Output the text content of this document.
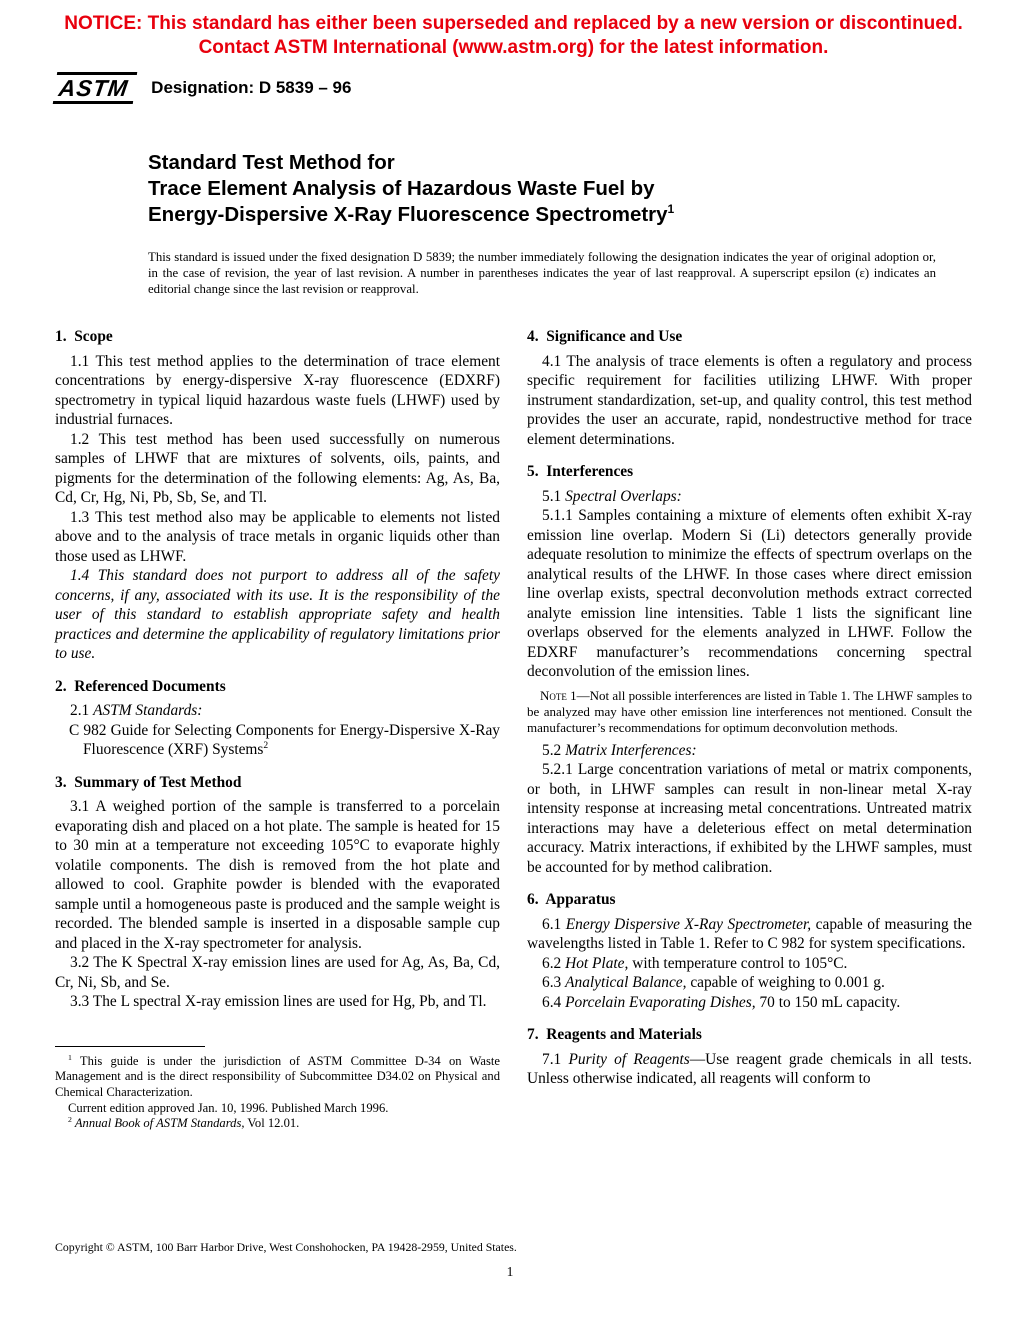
NOTICE: This standard has either been superseded and replaced by a new version or discontinued.
Contact ASTM International (www.astm.org) for the latest information.
ASTM	Designation: D 5839 – 96
Standard Test Method for
Trace Element Analysis of Hazardous Waste Fuel by
Energy-Dispersive X-Ray Fluorescence Spectrometry$^1$
This standard is issued under the fixed designation D 5839; the number immediately following the designation indicates the year of original adoption or, in the case of revision, the year of last revision. A number in parentheses indicates the year of last reapproval. A superscript epsilon (ε) indicates an editorial change since the last revision or reapproval.
1.  Scope

1.1 This test method applies to the determination of trace element concentrations by energy-dispersive X-ray fluorescence (EDXRF) spectrometry in typical liquid hazardous waste fuels (LHWF) used by industrial furnaces.

1.2 This test method has been used successfully on numerous samples of LHWF that are mixtures of solvents, oils, paints, and pigments for the determination of the following elements: Ag, As, Ba, Cd, Cr, Hg, Ni, Pb, Sb, Se, and Tl.

1.3 This test method also may be applicable to elements not listed above and to the analysis of trace metals in organic liquids other than those used as LHWF.

1.4 This standard does not purport to address all of the safety concerns, if any, associated with its use. It is the responsibility of the user of this standard to establish appropriate safety and health practices and determine the applicability of regulatory limitations prior to use.

2.  Referenced Documents

2.1 ASTM Standards:

C 982 Guide for Selecting Components for Energy-Dispersive X-Ray Fluorescence (XRF) Systems$^2$

3.  Summary of Test Method

3.1 A weighed portion of the sample is transferred to a porcelain evaporating dish and placed on a hot plate. The sample is heated for 15 to 30 min at a temperature not exceeding 105°C to evaporate highly volatile components. The dish is removed from the hot plate and allowed to cool. Graphite powder is blended with the evaporated sample until a homogeneous paste is produced and the sample weight is recorded. The blended sample is inserted in a disposable sample cup and placed in the X-ray spectrometer for analysis.

3.2 The K Spectral X-ray emission lines are used for Ag, As, Ba, Cd, Cr, Ni, Sb, and Se.

3.3 The L spectral X-ray emission lines are used for Hg, Pb, and Tl.

$^1$ This guide is under the jurisdiction of ASTM Committee D-34 on Waste Management and is the direct responsibility of Subcommittee D34.02 on Physical and Chemical Characterization.

Current edition approved Jan. 10, 1996. Published March 1996.

$^2$ Annual Book of ASTM Standards, Vol 12.01.

4.  Significance and Use

4.1 The analysis of trace elements is often a regulatory and process specific requirement for facilities utilizing LHWF. With proper instrument standardization, set-up, and quality control, this test method provides the user an accurate, rapid, nondestructive method for trace element determinations.

5.  Interferences

5.1 Spectral Overlaps:

5.1.1 Samples containing a mixture of elements often exhibit X-ray emission line overlap. Modern Si (Li) detectors generally provide adequate resolution to minimize the effects of spectrum overlaps on the analytical results of the LHWF. In those cases where direct emission line overlap exists, spectral deconvolution methods extract corrected analyte emission line intensities. Table 1 lists the significant line overlaps observed for the elements analyzed in LHWF. Follow the EDXRF manufacturer’s recommendations concerning spectral deconvolution of the emission lines.

Note 1—Not all possible interferences are listed in Table 1. The LHWF samples to be analyzed may have other emission line interferences not mentioned. Consult the manufacturer’s recommendations for optimum deconvolution methods.

5.2 Matrix Interferences:

5.2.1 Large concentration variations of metal or matrix components, or both, in LHWF samples can result in non-linear metal X-ray intensity response at increasing metal concentrations. Untreated matrix interactions may have a deleterious effect on metal determination accuracy. Matrix interactions, if exhibited by the LHWF samples, must be accounted for by method calibration.

6.  Apparatus

6.1 Energy Dispersive X-Ray Spectrometer, capable of measuring the wavelengths listed in Table 1. Refer to C 982 for system specifications.

6.2 Hot Plate, with temperature control to 105°C.

6.3 Analytical Balance, capable of weighing to 0.001 g.

6.4 Porcelain Evaporating Dishes, 70 to 150 mL capacity.

7.  Reagents and Materials

7.1 Purity of Reagents—Use reagent grade chemicals in all tests. Unless otherwise indicated, all reagents will conform to

Copyright © ASTM, 100 Barr Harbor Drive, West Conshohocken, PA 19428-2959, United States.
1
